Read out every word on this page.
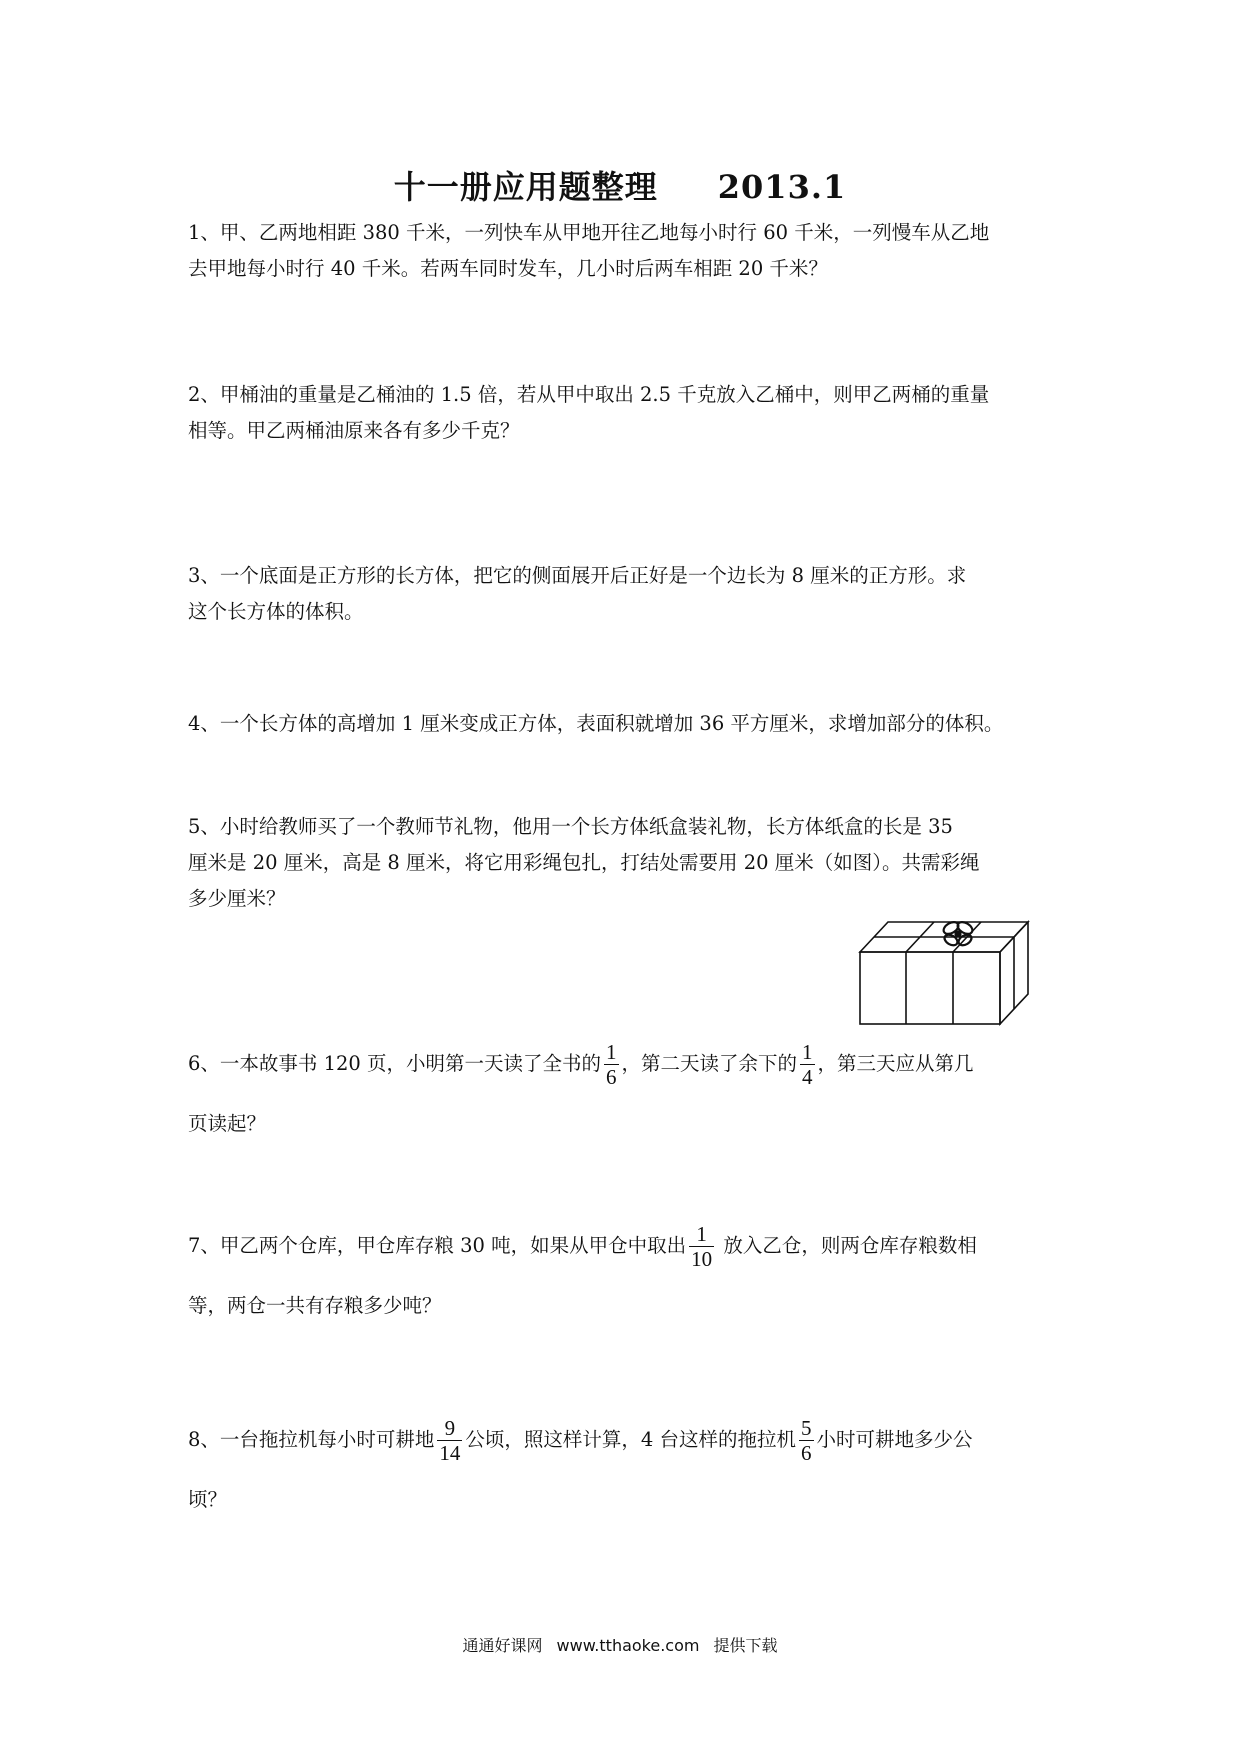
十一册应用题整理 2013.1

1、甲、乙两地相距 380 千米，一列快车从甲地开往乙地每小时行 60 千米，一列慢车从乙地

去甲地每小时行 40 千米。若两车同时发车，几小时后两车相距 20 千米？

2、甲桶油的重量是乙桶油的 1.5 倍，若从甲中取出 2.5 千克放入乙桶中，则甲乙两桶的重量

相等。甲乙两桶油原来各有多少千克？

3、一个底面是正方形的长方体，把它的侧面展开后正好是一个边长为 8 厘米的正方形。求

这个长方体的体积。

4、一个长方体的高增加 1 厘米变成正方体，表面积就增加 36 平方厘米，求增加部分的体积。

5、小时给教师买了一个教师节礼物，他用一个长方体纸盒装礼物，长方体纸盒的长是 35

厘米是 20 厘米，高是 8 厘米，将它用彩绳包扎，打结处需要用 20 厘米（如图）。共需彩绳

多少厘米？

6、一本故事书 120 页，小明第一天读了全书的 $\frac{1}{6}$ ，第二天读了余下的 $\frac{1}{4}$ ，第三天应从第几

页读起？

7、甲乙两个仓库，甲仓库存粮 30 吨，如果从甲仓中取出 $\frac{1}{10}$ 放入乙仓，则两仓库存粮数相

等，两仓一共有存粮多少吨？

8、一台拖拉机每小时可耕地 $\frac{9}{14}$ 公顷，照这样计算，4 台这样的拖拉机 $\frac{5}{6}$ 小时可耕地多少公

顷？

通通好课网 www.tthaoke.com 提供下载
